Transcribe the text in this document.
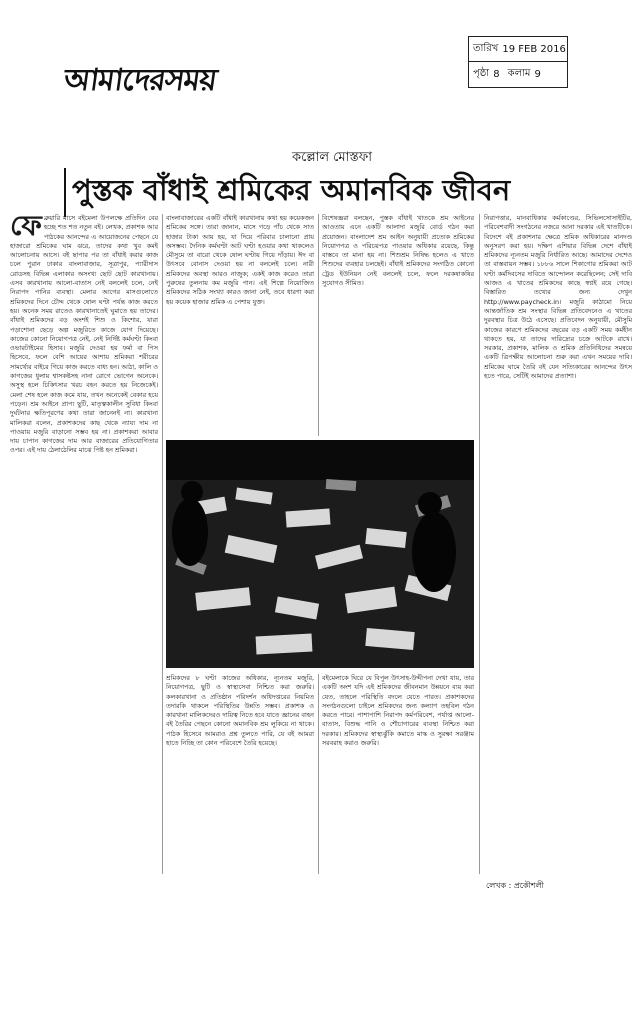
আমাদেরসময়
তারিখ 19 FEB 2016
পৃষ্ঠা 8 কলাম 9
কল্লোল মোস্তফা
পুস্তক বাঁধাই শ্রমিকের অমানবিক জীবন
ফে ব্রুয়ারি মাসে বইমেলা উপলক্ষে প্রতিদিন বের হচ্ছে শত শত নতুন বই। লেখক, প্রকাশক আর পাঠকের আনন্দের এ আয়োজনের পেছনে যে হাজারো শ্রমিকের ঘাম ঝরে, তাদের কথা খুব কমই আলোচনায় আসে। বই ছাপার পর তা বাঁধাই করার কাজ চলে পুরান ঢাকার বাংলাবাজার, সূত্রাপুর, প্যারীদাস রোডসহ বিভিন্ন এলাকার অসংখ্য ছোট ছোট কারখানায়। এসব কারখানায় আলো-বাতাস নেই বললেই চলে, নেই নিরাপদ পানির ব্যবস্থা। মেলার আগের মাসগুলোতে শ্রমিকদের দিনে চৌদ্দ থেকে ষোল ঘণ্টা পর্যন্ত কাজ করতে হয়। অনেক সময় রাতেও কারখানাতেই ঘুমাতে হয় তাদের। বাঁধাই শ্রমিকদের বড় অংশই শিশু ও কিশোর, যারা পড়াশোনা ছেড়ে অল্প মজুরিতে কাজে যোগ দিয়েছে। কাজের কোনো নিয়োগপত্র নেই, নেই নির্দিষ্ট কর্মঘণ্টা কিংবা ওভারটাইমের হিসাব। মজুরি দেওয়া হয় ফর্মা বা পিস হিসেবে, ফলে বেশি আয়ের আশায় শ্রমিকরা শরীরের সামর্থ্যের বাইরে গিয়ে কাজ করতে বাধ্য হন। আঠা, কালি ও কাগজের ধুলায় শ্বাসকষ্টসহ নানা রোগে ভোগেন অনেকে। অসুস্থ হলে চিকিৎসার খরচ বহন করতে হয় নিজেকেই। মেলা শেষ হলে কাজ কমে যায়, তখন অনেকেই বেকার হয়ে পড়েন। শ্রম আইনে প্রাপ্য ছুটি, মাতৃত্বকালীন সুবিধা কিংবা দুর্ঘটনার ক্ষতিপূরণের কথা তারা জানেনই না। কারখানা মালিকরা বলেন, প্রকাশকদের কাছ থেকে ন্যায্য দাম না পাওয়ায় মজুরি বাড়ানো সম্ভব হয় না। প্রকাশকরা আবার দায় চাপান কাগজের দাম আর বাজারের প্রতিযোগিতার ওপর। এই দায় ঠেলাঠেলির মাঝে পিষ্ট হন শ্রমিকরা।
বাংলাবাজারের একটি বাঁধাই কারখানায় কথা হয় কয়েকজন শ্রমিকের সঙ্গে। তারা জানান, মাসে গড়ে পাঁচ থেকে সাত হাজার টাকা আয় হয়, যা দিয়ে পরিবার চালানো প্রায় অসম্ভব। দৈনিক কর্মঘণ্টা আট ঘণ্টা হওয়ার কথা থাকলেও মৌসুমে তা বারো থেকে ষোল ঘণ্টায় গিয়ে দাঁড়ায়। ঈদ বা উৎসবে বোনাস দেওয়া হয় না বললেই চলে। নারী শ্রমিকদের অবস্থা আরও নাজুক; একই কাজ করেও তারা পুরুষের তুলনায় কম মজুরি পান। এই শিল্পে নিয়োজিত শ্রমিকদের সঠিক সংখ্যা কারও জানা নেই, তবে ধারণা করা হয় কয়েক হাজার শ্রমিক এ পেশায় যুক্ত।
বিশেষজ্ঞরা বলছেন, পুস্তক বাঁধাই খাতকে শ্রম আইনের আওতায় এনে একটি আলাদা মজুরি বোর্ড গঠন করা প্রয়োজন। বাংলাদেশ শ্রম আইন অনুযায়ী প্রত্যেক শ্রমিকের নিয়োগপত্র ও পরিচয়পত্র পাওয়ার অধিকার রয়েছে, কিন্তু বাস্তবে তা মানা হয় না। শিশুশ্রম নিষিদ্ধ হলেও এ খাতে শিশুদের ব্যবহার চলছেই। বাঁধাই শ্রমিকদের সংগঠিত কোনো ট্রেড ইউনিয়ন নেই বললেই চলে, ফলে দরকষাকষির সুযোগও সীমিত।
শ্রমিকদের ৮ ঘণ্টা কাজের অধিকার, ন্যূনতম মজুরি, নিয়োগপত্র, ছুটি ও স্বাস্থ্যসেবা নিশ্চিত করা জরুরি। কলকারখানা ও প্রতিষ্ঠান পরিদর্শন অধিদপ্তরের নিয়মিত তদারকি থাকলে পরিস্থিতির উন্নতি সম্ভব। প্রকাশক ও কারখানা মালিকদেরও দায়িত্ব নিতে হবে যাতে জ্ঞানের বাহন বই তৈরির পেছনে কোনো অমানবিক শ্রম লুকিয়ে না থাকে। পাঠক হিসেবে আমরাও প্রশ্ন তুলতে পারি, যে বই আমরা হাতে নিচ্ছি তা কোন পরিবেশে তৈরি হয়েছে।
বইমেলাকে ঘিরে যে বিপুল উৎসাহ-উদ্দীপনা দেখা যায়, তার একটি অংশ যদি এই শ্রমিকদের জীবনমান উন্নয়নে ব্যয় করা যেত, তাহলে পরিস্থিতি বদলে যেতে পারত। প্রকাশকদের সংগঠনগুলো চাইলে শ্রমিকদের জন্য কল্যাণ তহবিল গঠন করতে পারে। পাশাপাশি নিরাপদ কর্মপরিবেশ, পর্যাপ্ত আলো-বাতাস, বিশুদ্ধ পানি ও শৌচাগারের ব্যবস্থা নিশ্চিত করা দরকার। শ্রমিকদের স্বাস্থ্যঝুঁকি কমাতে মাস্ক ও সুরক্ষা সরঞ্জাম সরবরাহ করাও জরুরি।
নিরাপত্তার, মানবাধিকার কর্মকাণ্ডের, সিভিলসোসাইটির, পরিবেশবাদী সংগঠনের নজরে আনা দরকার এই খাতটিকে। বিদেশে বই প্রকাশনার ক্ষেত্রে শ্রমিক অধিকারের মানদণ্ড অনুসরণ করা হয়। দক্ষিণ এশিয়ার বিভিন্ন দেশে বাঁধাই শ্রমিকদের ন্যূনতম মজুরি নির্ধারিত আছে। আমাদের দেশেও তা বাস্তবায়ন সম্ভব। ১৮৮৬ সালে শিকাগোর শ্রমিকরা আট ঘণ্টা কর্মদিবসের দাবিতে আন্দোলন করেছিলেন; সেই দাবি আজও এ খাতের শ্রমিকদের কাছে স্বপ্নই রয়ে গেছে। বিস্তারিত তথ্যের জন্য দেখুন http://www.paycheck.in। মজুরি কাঠামো নিয়ে আন্তর্জাতিক শ্রম সংস্থার বিভিন্ন প্রতিবেদনেও এ খাতের দুরবস্থার চিত্র উঠে এসেছে। প্রতিবেদন অনুযায়ী, মৌসুমি কাজের কারণে শ্রমিকদের বছরের বড় একটি সময় কর্মহীন থাকতে হয়, যা তাদের দারিদ্র্যের চক্রে আটকে রাখে। সরকার, প্রকাশক, মালিক ও শ্রমিক প্রতিনিধিদের সমন্বয়ে একটি ত্রিপক্ষীয় আলোচনা শুরু করা এখন সময়ের দাবি। শ্রমিকের ঘামে তৈরি বই যেন সত্যিকারের আনন্দের উৎস হতে পারে, সেটিই আমাদের প্রত্যাশা।
লেখক : প্রকৌশলী
